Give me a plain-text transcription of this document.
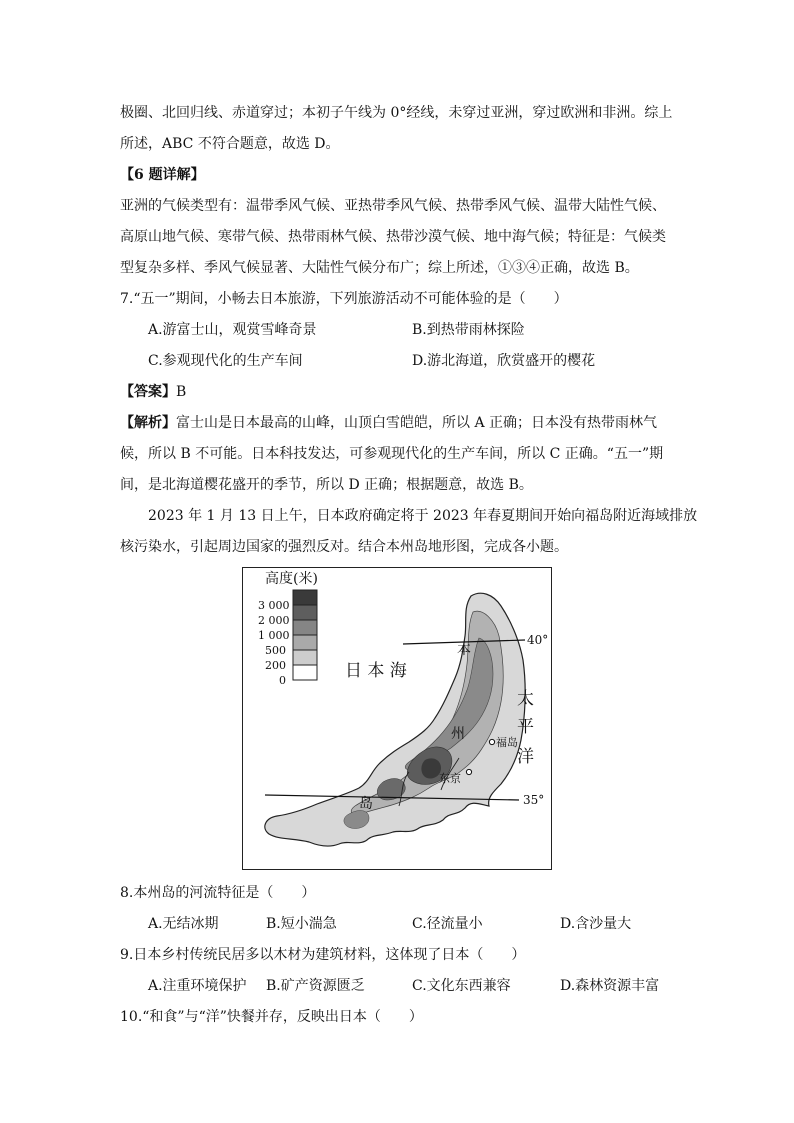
极圈、北回归线、赤道穿过；本初子午线为 0°经线，未穿过亚洲，穿过欧洲和非洲。综上
所述，ABC 不符合题意，故选 D。
【6 题详解】
亚洲的气候类型有：温带季风气候、亚热带季风气候、热带季风气候、温带大陆性气候、
高原山地气候、寒带气候、热带雨林气候、热带沙漠气候、地中海气候；特征是：气候类
型复杂多样、季风气候显著、大陆性气候分布广；综上所述，①③④正确，故选 B。
7.“五一”期间，小畅去日本旅游，下列旅游活动不可能体验的是（　　）
A.游富士山，观赏雪峰奇景	B.到热带雨林探险
C.参观现代化的生产车间	D.游北海道，欣赏盛开的樱花
【答案】B
【解析】富士山是日本最高的山峰，山顶白雪皑皑，所以 A 正确；日本没有热带雨林气
候，所以 B 不可能。日本科技发达，可参观现代化的生产车间，所以 C 正确。“五一”期
间，是北海道樱花盛开的季节，所以 D 正确；根据题意，故选 B。
2023 年 1 月 13 日上午，日本政府确定将于 2023 年春夏期间开始向福岛附近海域排放
核污染水，引起周边国家的强烈反对。结合本州岛地形图，完成各小题。
高度(米)
3 000
2 000
1 000
500
200
0
40°
35°
日 本 海
太
平
洋
本
州
岛
福岛
东京
8.本州岛的河流特征是（　　）
A.无结冰期	B.短小湍急	C.径流量小	D.含沙量大
9.日本乡村传统民居多以木材为建筑材料，这体现了日本（　　）
A.注重环境保护 B.矿产资源匮乏	C.文化东西兼容	D.森林资源丰富
10.“和食”与“洋”快餐并存，反映出日本（　　）
